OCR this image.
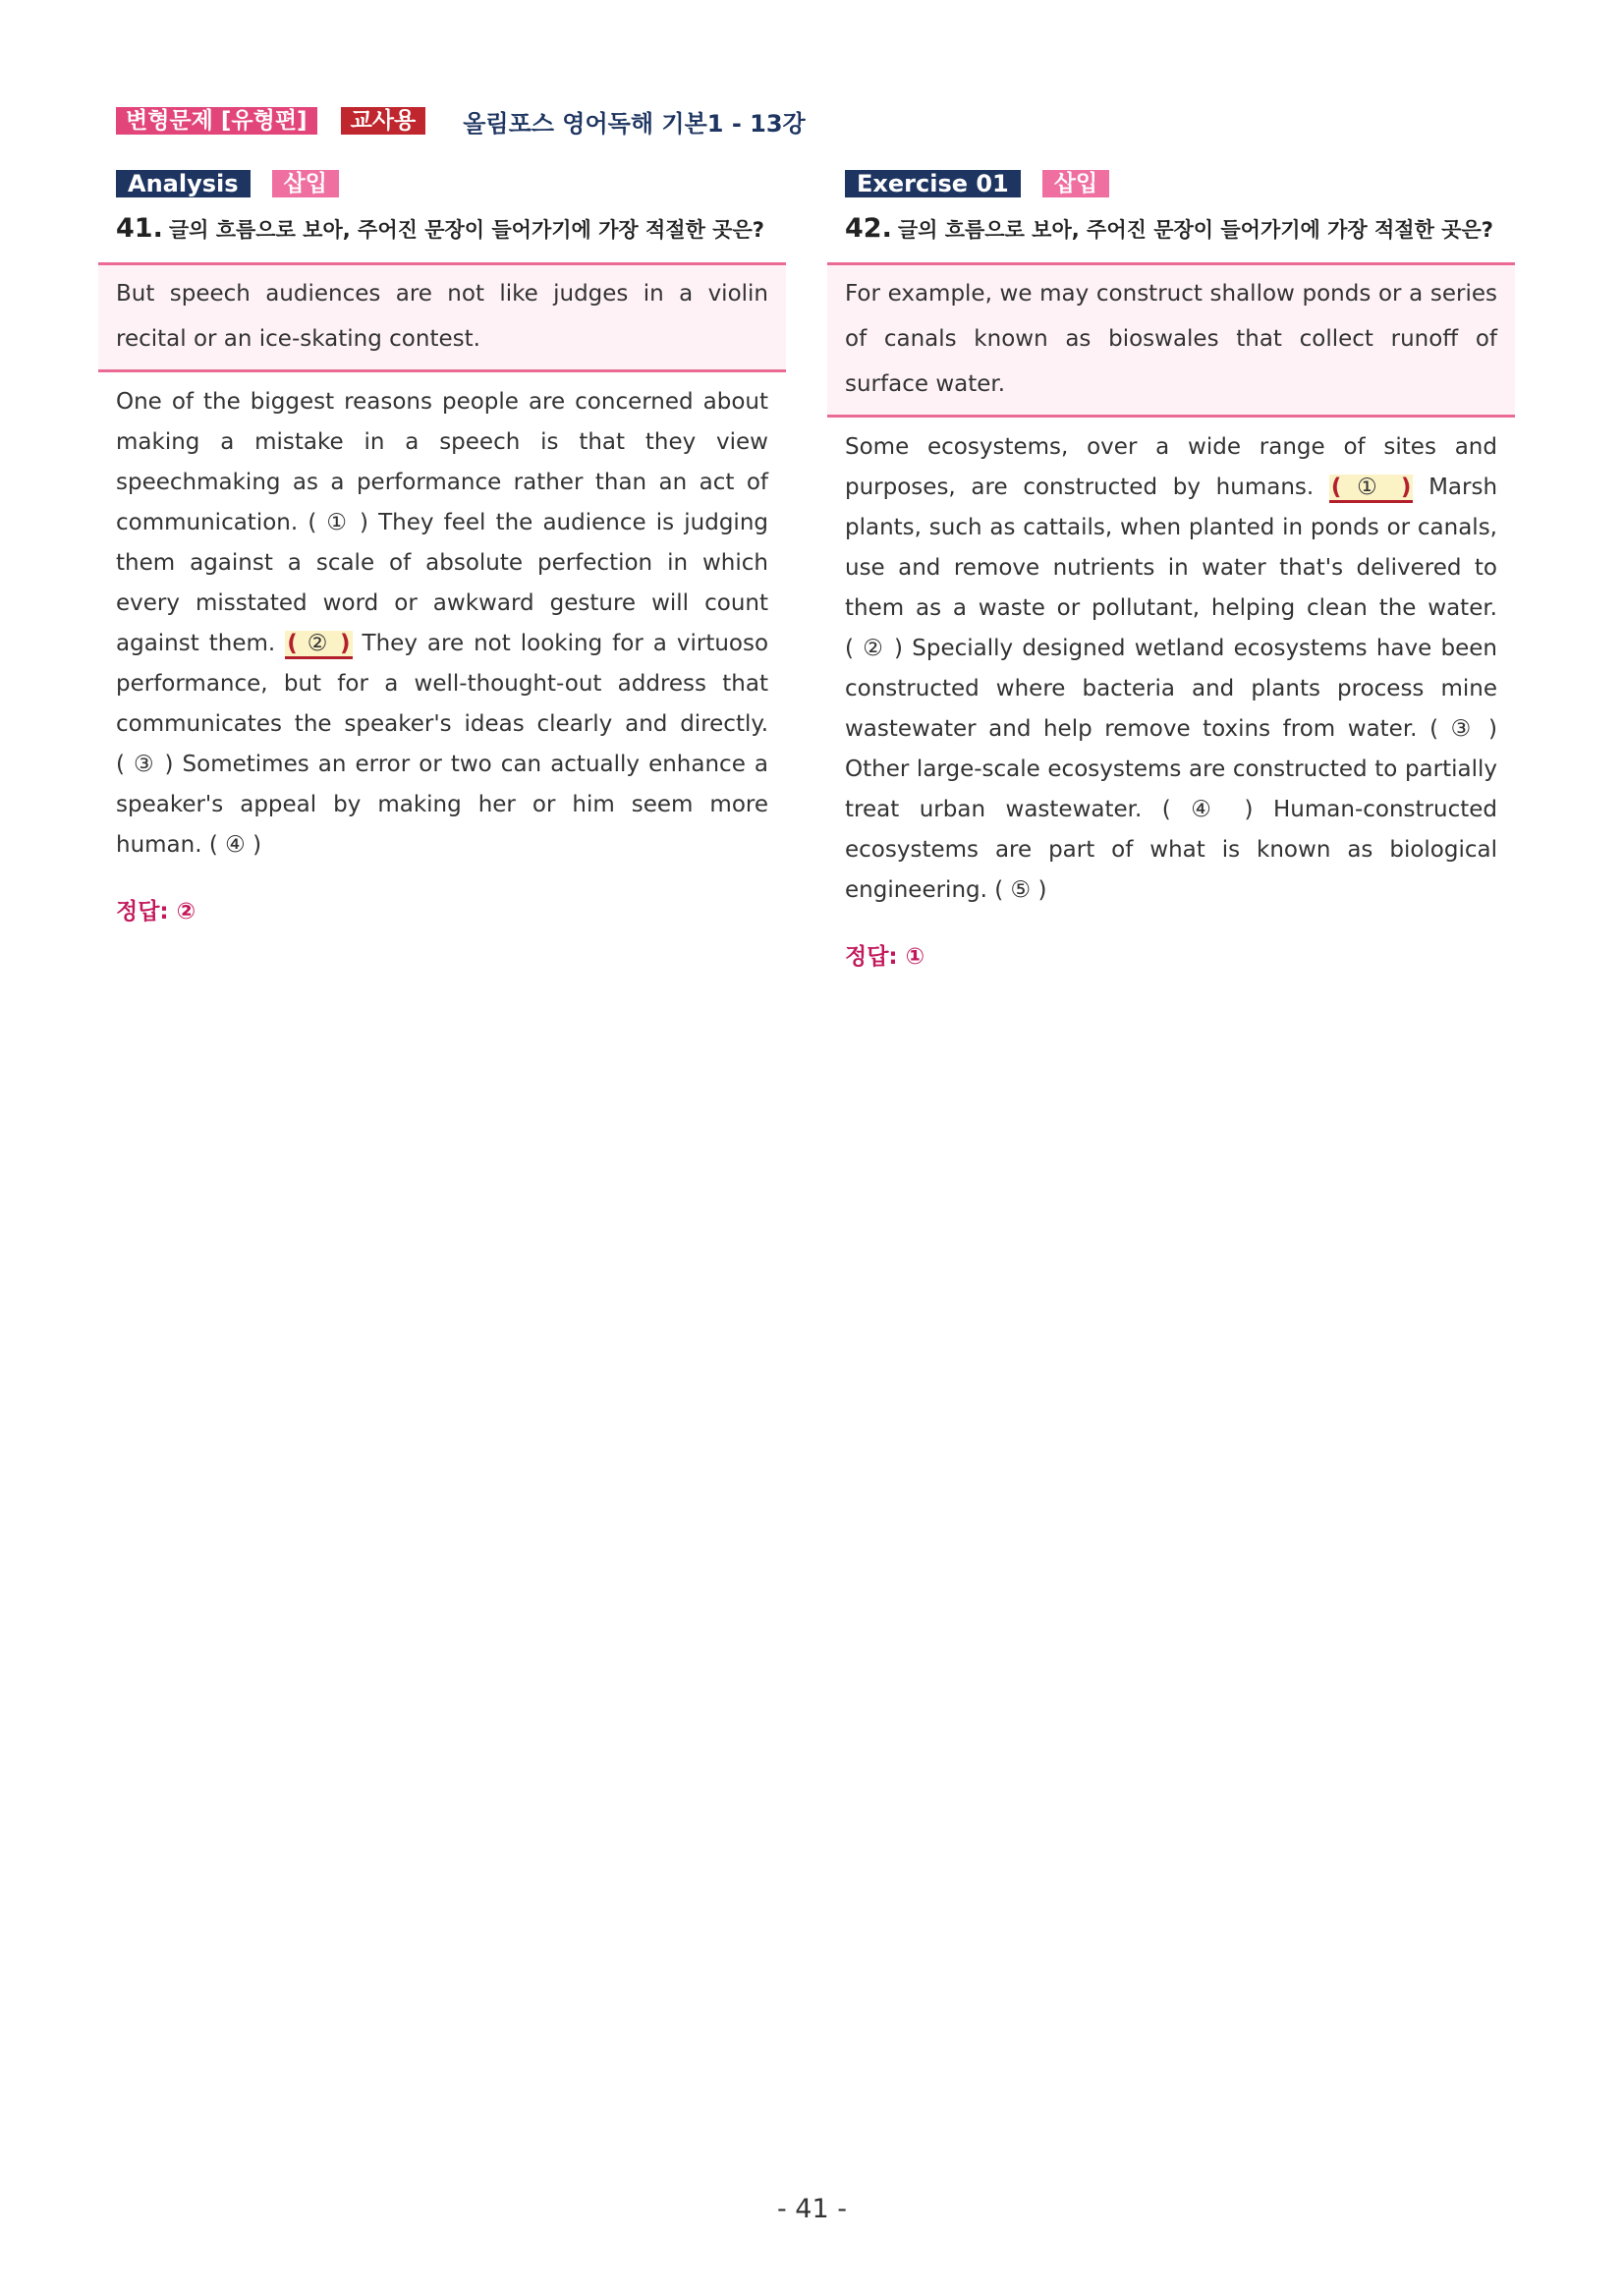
변형문제 [유형편]	교사용	올림포스 영어독해 기본1 - 13강
Analysis	삽입
41. 글의 흐름으로 보아, 주어진 문장이 들어가기에 가장 적절한 곳은?
But speech audiences are not like judges in a violin recital or an ice-skating contest.
One of the biggest reasons people are concerned about making a mistake in a speech is that they view speechmaking as a performance rather than an act of communication. ( ① ) They feel the audience is judging them against a scale of absolute perfection in which every misstated word or awkward gesture will count against them. ( ② ) They are not looking for a virtuoso performance, but for a well-thought-out address that communicates the speaker's ideas clearly and directly. ( ③ ) Sometimes an error or two can actually enhance a speaker's appeal by making her or him seem more human. ( ④ )
정답: ②
Exercise 01	삽입
42. 글의 흐름으로 보아, 주어진 문장이 들어가기에 가장 적절한 곳은?
For example, we may construct shallow ponds or a series of canals known as bioswales that collect runoff of surface water.
Some ecosystems, over a wide range of sites and purposes, are constructed by humans. ( ① ) Marsh plants, such as cattails, when planted in ponds or canals, use and remove nutrients in water that's delivered to them as a waste or pollutant, helping clean the water. ( ② ) Specially designed wetland ecosystems have been constructed where bacteria and plants process mine wastewater and help remove toxins from water. ( ③ ) Other large-scale ecosystems are constructed to partially treat urban wastewater. ( ④ ) Human-constructed ecosystems are part of what is known as biological engineering. ( ⑤ )
정답: ①
- 41 -
